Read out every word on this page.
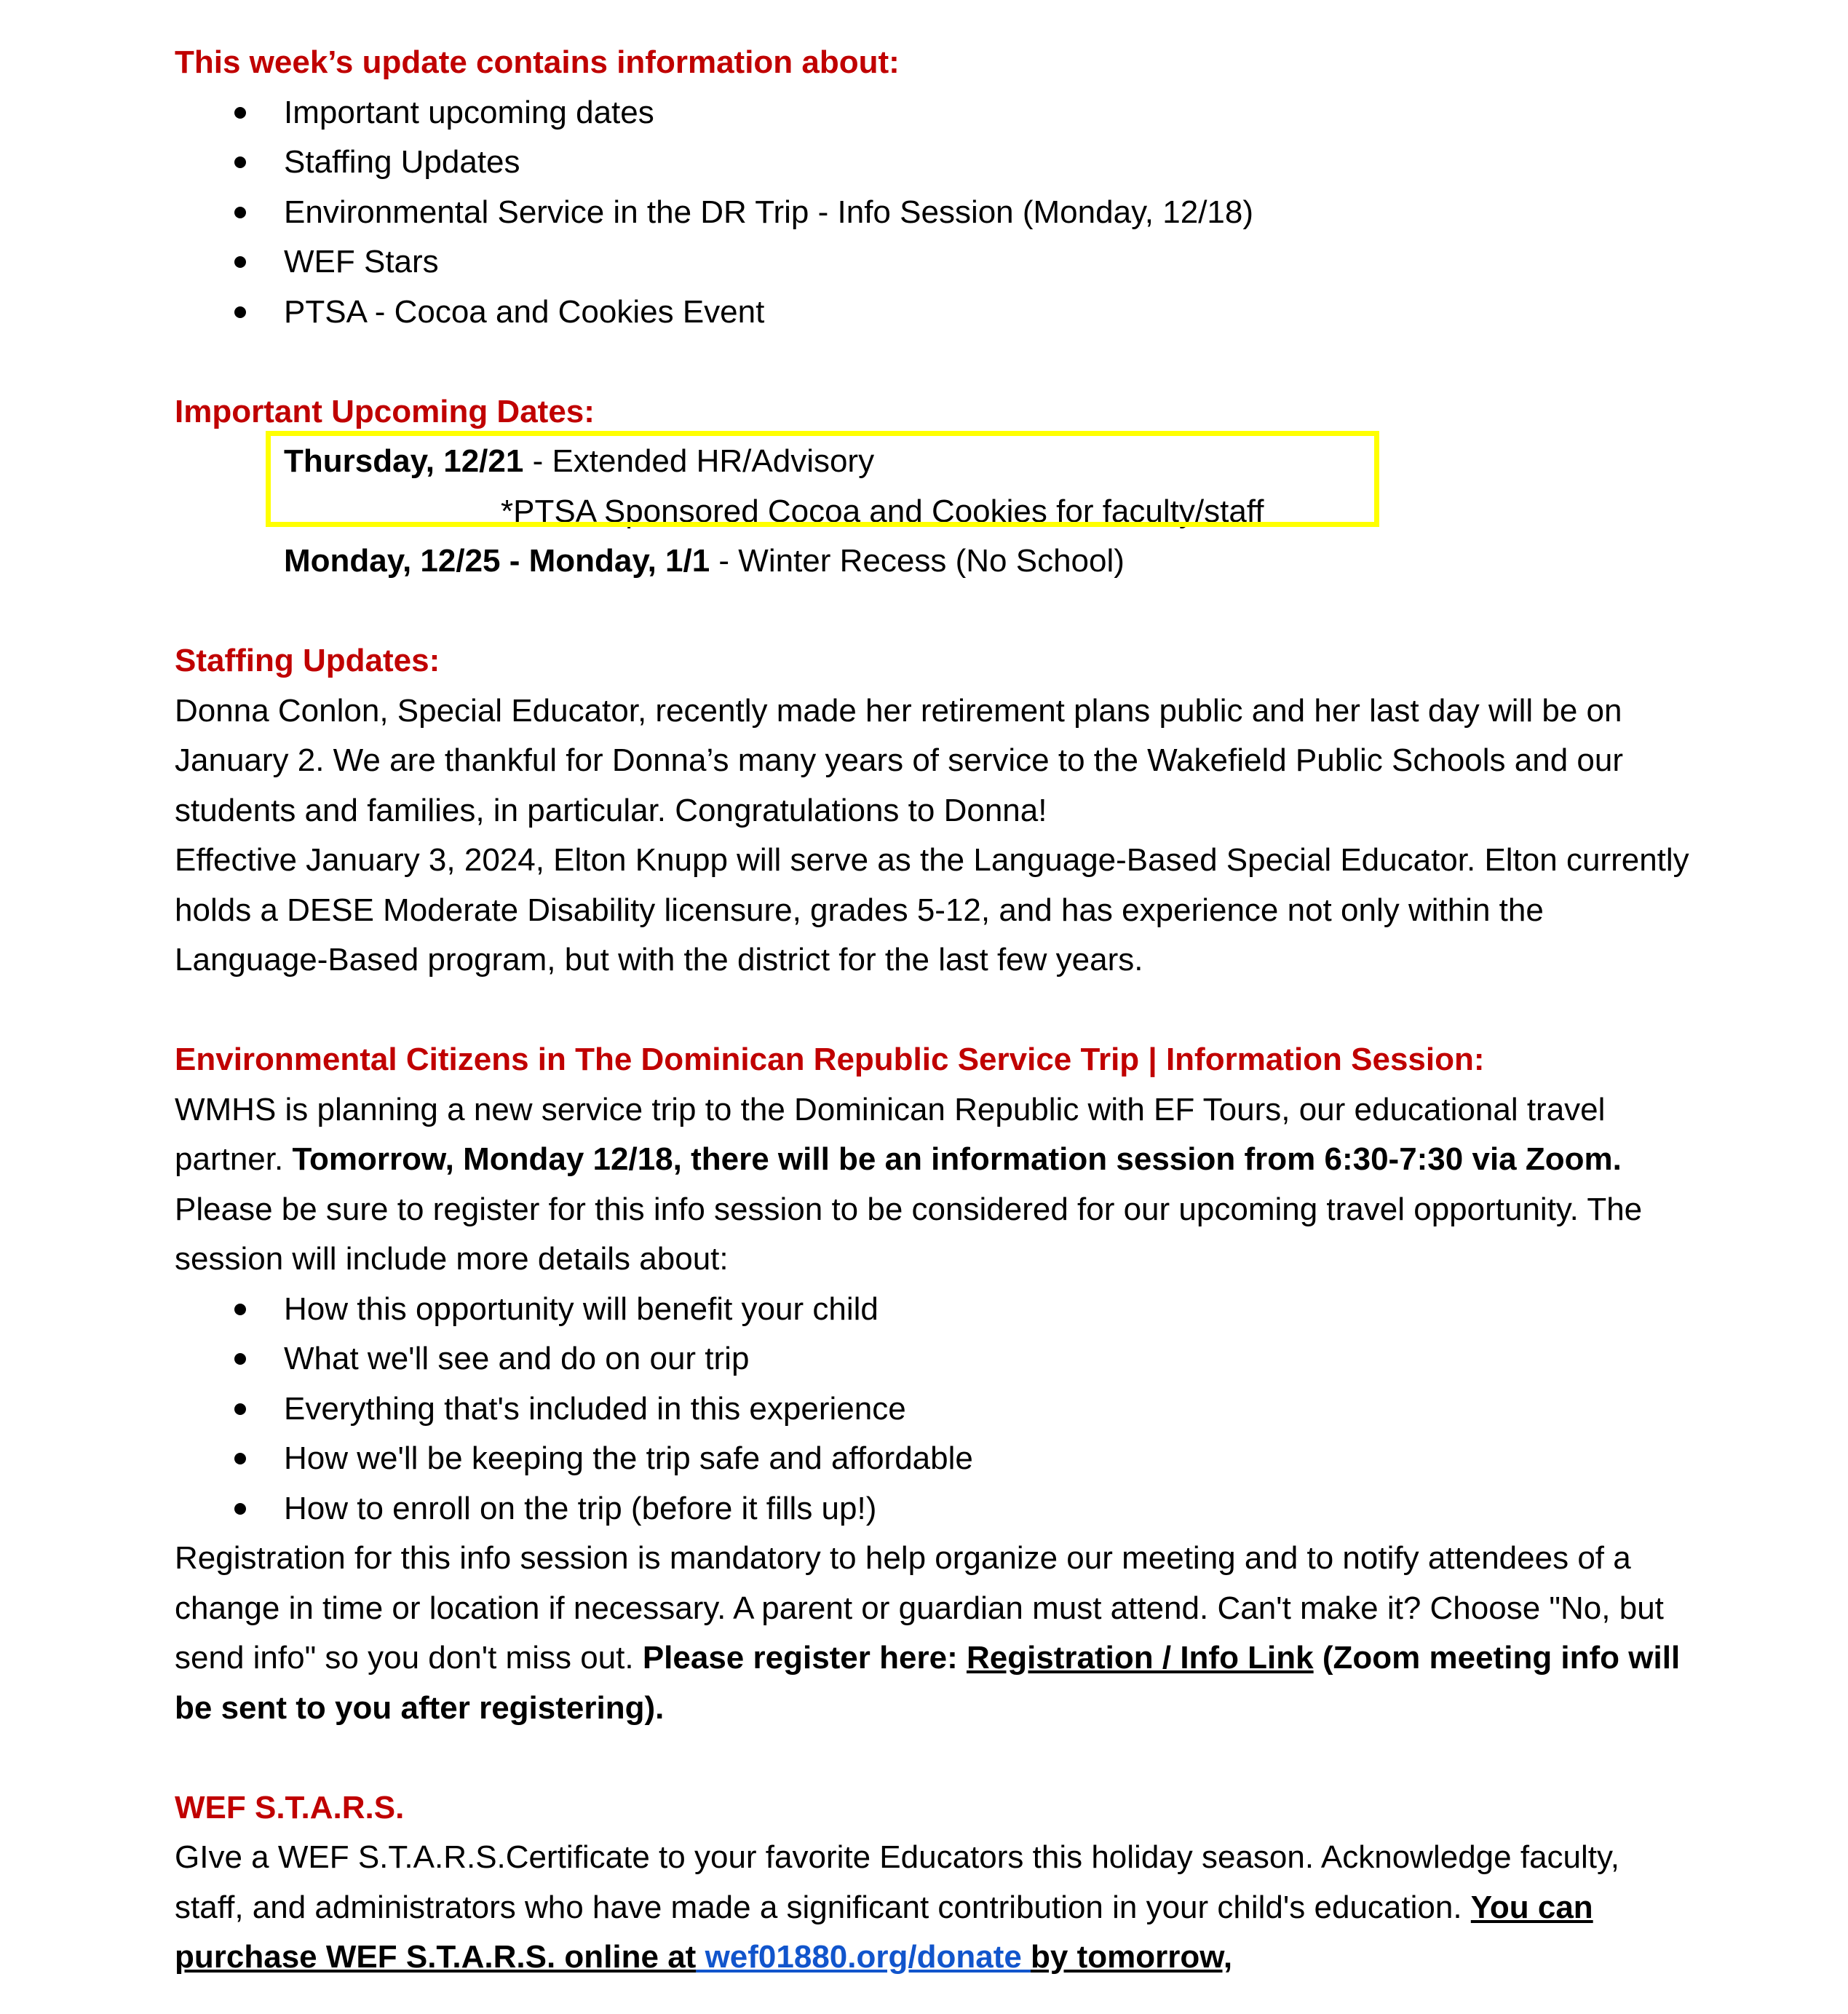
This week’s update contains information about:

Important upcoming dates
Staffing Updates
Environmental Service in the DR Trip - Info Session (Monday, 12/18)
WEF Stars
PTSA - Cocoa and Cookies Event

Important Upcoming Dates:

Thursday, 12/21 - Extended HR/Advisory
*PTSA Sponsored Cocoa and Cookies for faculty/staff
Monday, 12/25 - Monday, 1/1 - Winter Recess (No School)

Staffing Updates:

Donna Conlon, Special Educator, recently made her retirement plans public and her last day will be on January 2. We are thankful for Donna’s many years of service to the Wakefield Public Schools and our students and families, in particular. Congratulations to Donna!

Effective January 3, 2024, Elton Knupp will serve as the Language-Based Special Educator. Elton currently holds a DESE Moderate Disability licensure, grades 5-12, and has experience not only within the Language-Based program, but with the district for the last few years.

Environmental Citizens in The Dominican Republic Service Trip | Information Session:

WMHS is planning a new service trip to the Dominican Republic with EF Tours, our educational travel partner. Tomorrow, Monday 12/18, there will be an information session from 6:30-7:30 via Zoom. Please be sure to register for this info session to be considered for our upcoming travel opportunity. The session will include more details about:

How this opportunity will benefit your child
What we'll see and do on our trip
Everything that's included in this experience
How we'll be keeping the trip safe and affordable
How to enroll on the trip (before it fills up!)

Registration for this info session is mandatory to help organize our meeting and to notify attendees of a change in time or location if necessary. A parent or guardian must attend. Can't make it? Choose "No, but send info" so you don't miss out. Please register here: Registration / Info Link (Zoom meeting info will be sent to you after registering).

WEF S.T.A.R.S.

GIve a WEF S.T.A.R.S.Certificate to your favorite Educators this holiday season. Acknowledge faculty, staff, and administrators who have made a significant contribution in your child's education. You can purchase WEF S.T.A.R.S. online at wef01880.org/donate by tomorrow,
